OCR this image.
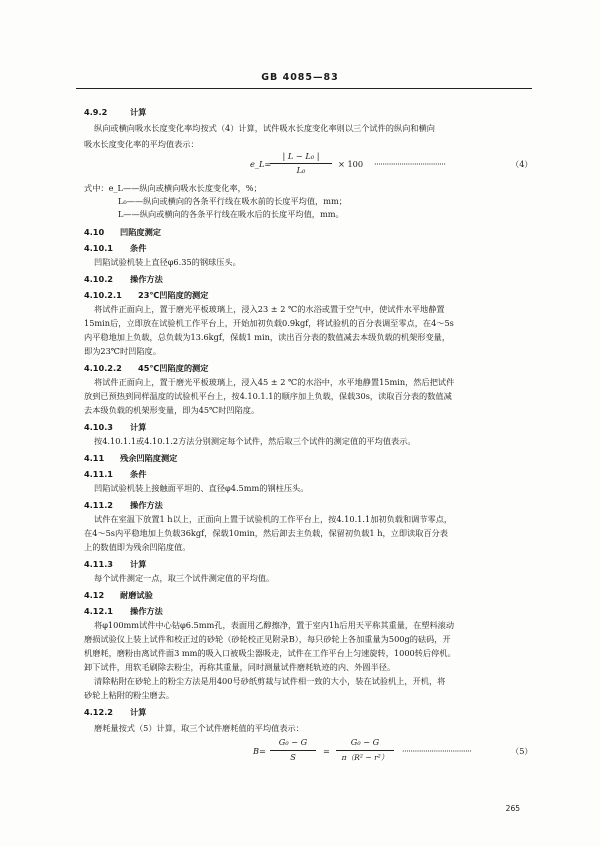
GB 4085—83
4.9.2	计算
纵向或横向吸水长度变化率均按式（4）计算，试件吸水长度变化率则以三个试件的纵向和横向
吸水长度变化率的平均值表示：
e_L=
| L − L₀ |
L₀
× 100 ··································	（4）
式中：e_L——纵向或横向吸水长度变化率，%；
L₀——纵向或横向的各条平行线在吸水前的长度平均值，mm；
L——纵向或横向的各条平行线在吸水后的长度平均值，mm。
4.10 凹陷度测定
4.10.1 条件
凹陷试验机装上直径φ6.35的钢球压头。
4.10.2 操作方法
4.10.2.1 23℃凹陷度的测定
将试件正面向上，置于磨光平板玻璃上，浸入23 ± 2 ℃的水浴或置于空气中，使试件水平地静置
15min后，立即放在试验机工作平台上，开始加初负载0.9kgf，将试验机的百分表调至零点，在4～5s
内平稳地加上负载，总负载为13.6kgf，保载1 min，读出百分表的数值减去本级负载的机架形变量，
即为23℃时凹陷度。
4.10.2.2 45℃凹陷度的测定
将试件正面向上，置于磨光平板玻璃上，浸入45 ± 2 ℃的水浴中，水平地静置15min，然后把试件
放到已预热到同样温度的试验机平台上，按4.10.1.1的顺序加上负载，保载30s，读取百分表的数值减
去本级负载的机架形变量，即为45℃时凹陷度。
4.10.3 计算
按4.10.1.1或4.10.1.2方法分别测定每个试件，然后取三个试件的测定值的平均值表示。
4.11 残余凹陷度测定
4.11.1 条件
凹陷试验机装上接触面平坦的、直径φ4.5mm的钢柱压头。
4.11.2 操作方法
试件在室温下放置1 h以上，正面向上置于试验机的工作平台上，按4.10.1.1加初负载和调节零点，
在4～5s内平稳地加上负载36kgf，保载10min，然后卸去主负载，保留初负载1 h，立即读取百分表
上的数值即为残余凹陷度值。
4.11.3 计算
每个试件测定一点，取三个试件测定值的平均值。
4.12 耐磨试验
4.12.1 操作方法
将φ100mm试件中心钻φ6.5mm孔，表面用乙醇擦净，置于室内1h后用天平称其重量，在塑料滚动
磨损试验仪上装上试件和校正过的砂轮（砂轮校正见附录B），每只砂轮上各加重量为500g的砝码，开
机磨耗，磨粉由离试件面3 mm的吸入口被吸尘器吸走，试件在工作平台上匀速旋转，1000转后停机。
卸下试件，用软毛刷除去粉尘，再称其重量，同时测量试件磨耗轨迹的内、外圆半径。
清除粘附在砂轮上的粉尘方法是用400号砂纸剪裁与试件相一致的大小，装在试验机上，开机，将
砂轮上粘附的粉尘磨去。
4.12.2 计算
磨耗量按式（5）计算，取三个试件磨耗值的平均值表示：
B=
G₀ − G
S
=
G₀ − G
π（R² − r²）
·································	（5）
265
